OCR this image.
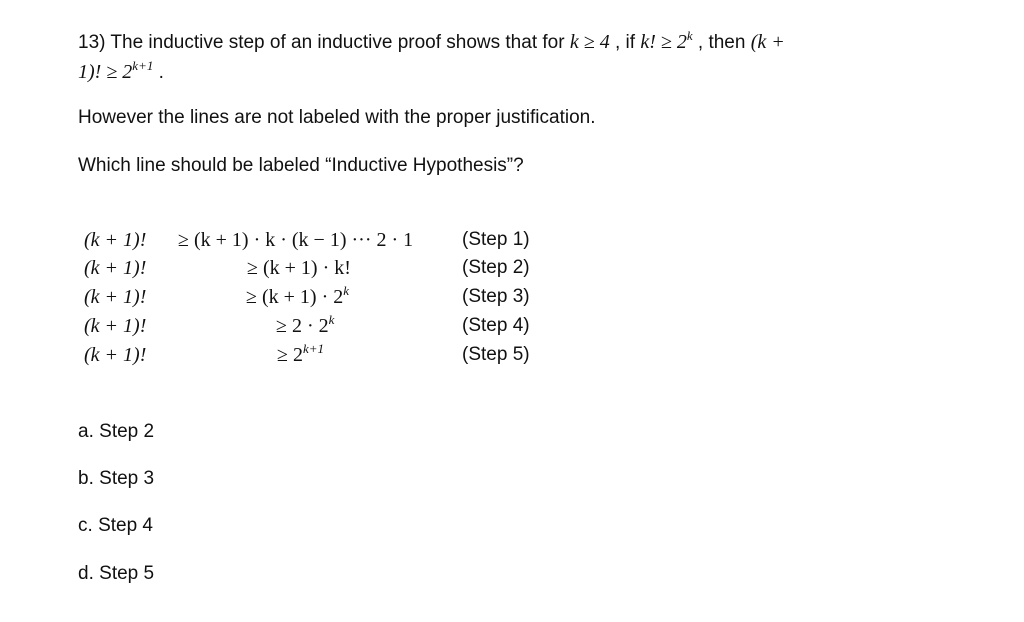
13) The inductive step of an inductive proof shows that for k ≥ 4 , if k! ≥ $2^k$ , then (k +
1)! ≥ $2^{k+1}$ .
However the lines are not labeled with the proper justification.
Which line should be labeled “Inductive Hypothesis”?
(k + 1)! ≥ (k + 1) · k · (k − 1) ··· 2 · 1	(Step 1)
(k + 1)!	≥ (k + 1) · k!	(Step 2)
(k + 1)!	≥ $(k + 1) \cdot 2^k$	(Step 3)
(k + 1)!	≥ $2 \cdot 2^k$	(Step 4)
(k + 1)!	≥ $2^{k+1}$	(Step 5)
a. Step 2
b. Step 3
c. Step 4
d. Step 5
